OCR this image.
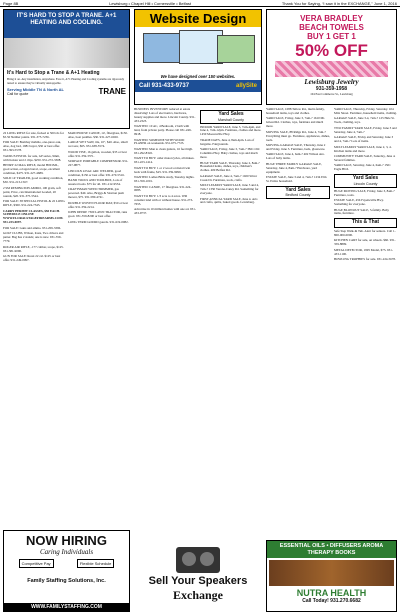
Page 8B	Lewisburg • Chapel Hill • Cornersville • Belfast	Thank You for Saying, “I saw it in the EXCHANGE,” June 1, 2016
IT'S HARD TO STOP A TRANE. A+1 HEATING AND COOLING.
It's Hard to Stop a Trane & A+1 Heating
Bring it on. Any installation, Anywhere. Face it, A+1 Heating and Cooling systems are rigorously tested to ensure they're virtually unstoppable.
Serving Middle TN & North AL
Call for quote	TRANE
Website Design
We have designed over 150 websites.
Call 931-433-9737	allySite
VERA BRADLEY
BEACH TOWELS
BUY 1 GET 1
50% OFF
Lewisburg Jewelry
931-359-1958
104 East Commerce St., Lewisburg
22 LONG RIFLE for sale, fucked at 500 rds for $5.50 Neither points. 931-375-7236.
FOR SALE: Bombay mahdio, one-piece oak, Also, dog bed, 1981 buyer, $30 or best offer. 931-393-5578.
TAURUS PISTOL for sale, GP series, 9mm, with holster and 2 clips. $250. 931-272-3308.
HENRY 22 MAG RIFLE, model H001ML, good action, octagon barrel, scope, excellent condition, $475. 931-227-4689.
SOLD 14' TRAILER, good working condition, $30. 931-213-1567.
2 SM REMINGTON AMMO, 100 grain, soft point, Price, can International Loaded, 20 rounds, $20. 931-375-5544.
FOR SALE: 38 SPECIAL PISTOL & 22 LONG RIFLE, $300. 931-224-7345.
CARRY PERMIT CLASSES, $50 EACH. SCHEDULE ONLINE WWW.FLORALSTAGEFIREARMS.COM. 931-233-0097.
FOR SALE: Guns and ammo. 931-209-3396.
GOLF CLUBS, Wilson, Irons, Two drivers and putter. Bag has 2 stands; one is new. 931-359-7779.
ROGER AIR RIFLE, .177 caliber, scope, $125. 931-581-9090.
GUN FOR SALE: Rossi 22 cal. $125 or best offer. 931-249-0097.
MAID HOUSE CANOE, 14', fiberglass, $150. Also, boat paddles. $30. 931-227-6020.
LARGE WET SAW, tile, 10", $40. Also, small wet saw, $65. 931-638-5574.
WOOD VISE, 16 gallon, wooden, $35 or best offer. 931-359-3371.
SURFACE PORTABLE COMPRESSOR. 931-227-9877.
LINCOLN 225AC ARC WELDER, good condition, $150 or best offer. 931-270-5516.
HAND TOOLS AND TOOLBOX, Lots of assorted tools. $75 for all. 931-212-9534.
CRAFTSMAN WEED TRIMMER, gas powered. $40. Also, Briggs & Stratton push mower, $75. 931-580-4741.
DOUBLE WOVEN FLOOR MAT, $50 or best offer. 931-359-2214.
JOHN DEERE 7300 LAWN TRACTOR, runs good. 931-359-8200 or best offer.
LONG TERM GOURD gourds. 931-619-0082.
BUSINESS INVENTORY reduced at estate dissolving! Lots of electronics, hardware, beauty supplies and more. Lincoln County. 931-433-2323.
WANTED: 10 AC, 4 Bedroom, 2 bath with land, from private party. Please call 931-249-9918.
WANTED: SOMEONE WITH WOOD PLANER on weekends. 931-675-7723.
WANTED: Man to clean gutters, 16 feet high. 931-292-8345.
WANT TO BUY: older motorcycles, all makes. 931-223-1414.
WANT TO BUY: 1 or 2 wood or metal twin beds with frame, $25. 931-359-9999.
WANTED: Ladies Bible study, Tuesday nights. 931-359-1001.
WANTED: CANOE, 17 fiberglass. 931-224-0085.
WANT TO BUY: 1/3 acre to 4 acres. Will consider land with or without house. 931-273-7655.
Advertise in 10 million homes with one ad. 931-433-9737.
Yard Sales
Marshall County
INDOOR YARD SALE, June 3, 7am-4pm, and June 4, 7am-12pm. Furniture, clothes and more. 1450 Mooresville Hwy.
TRADE DAYS, June 4, 8am-4pm. Lots of bargains. Fairgrounds.
YARD SALE, Friday, June 3, 7am-? 3821 Old Columbia Hwy. Baby clothes, toys and much more.
HUGE YARD SALE, Thursday, June 2, 8am-? Household items, dishes, toys, children's clothes. 409 Belfast Rd.
GARAGE SALE, June 4, 7am-? 1020 Silver Creek Dr. Furniture, tools, crafts.
MULTI-FAMILY YARD SALE, June 3 and 4, 7am-? 1350 Verona-Caney Rd. Something for everyone.
FIRST ANNUAL YARD SALE, June 4. Arts and crafts, quilts, baked goods. Lewisburg.
YARD SALE, 1088 Tallow Rd., multi-family, household items, toys and clothes.
YARD SALE, Friday, June 3, 7am-? 1610 Mt. Gilead Rd. Clothes, toys, furniture and much more.
MOVING SALE, 88 Ridge Rd., June 4, 7am-? Everything must go. Furniture, appliances, dishes, tools.
MOVING-GARAGE SALE, Thursday, June 2 and Friday, June 3. Furniture, beds, glassware.
YARD SALE, June 4, 6am-? 402 Wilson Ave. Lots of baby items.
HUGE THREE FAMILY GARAGE SALE, Saturday, June 4, 8am-? Hardware, yard equipment.
ESTATE SALE, June 3 and 4, 7am-? 1234 Elm St. Entire household.
Yard Sales
Bedford County
YARD SALE, Thursday, Friday, Saturday. 104 Mitz Street. Furniture, household items, clothing.
GARAGE SALE, June 3-4, 7am-? 125 Hale St. Tools, clothing, toys.
TWO FAMILY YARD SALE, Friday, June 3 and Saturday, June 4, 7am-?
GARAGE SALE, Friday and Saturday, June 3 and 4, 7am-? Lots of items.
MULTI-FAMILY YARD SALE, June 2, 3, 4. Kitchen items and more.
COMMUNITY YARD SALE, Saturday, June 4. Several families.
YARD SALE, Saturday, June 4, 6am-? 1501 Eagle Blvd.
Yard Sales
Lincoln County
HUGE MOVING SALE, Friday, June 3, 8am-? Furniture, tools.
ESTATE SALE, 456 Fayetteville Hwy. Something for everyone.
HUGE BLOWOUT SALE, 5-family. Baby items, furniture.
This & That
Safe Step Walk-In Tub. Alert for seniors. Call 1-800-000-0000.
KITCHEN CART for sale, on wheels. $60. 931-359-8899.
METAL DETECTOR, 1995 Model, $75. 931-433-1100.
BOWLING TROPHIES for sale. 931-224-5678.
NOW HIRING
Caring Individuals
Competitive Pay	Flexible Schedule
Family Staffing Solutions, Inc.
WWW.FAMILYSTAFFING.COM
Sell Your Speakers
Exchange
ESSENTIAL OILS • DIFFUSERS AROMA THERAPY BOOKS
NUTRA HEALTH
Call Today! 931.270.6682
